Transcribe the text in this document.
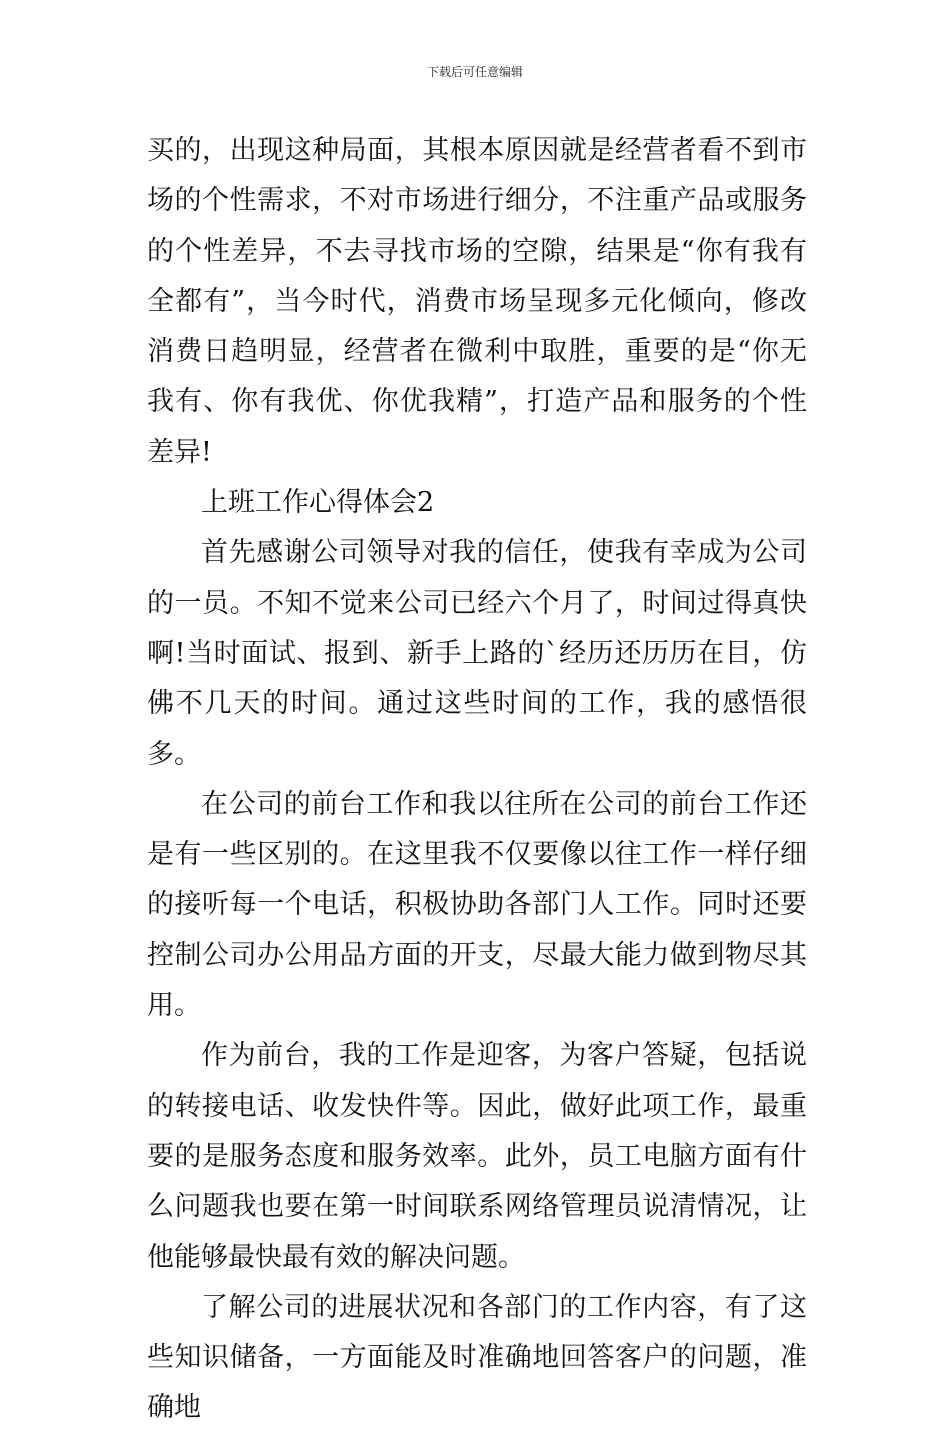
下载后可任意编辑

买的，出现这种局面，其根本原因就是经营者看不到市场的个性需求，不对市场进行细分，不注重产品或服务的个性差异，不去寻找市场的空隙，结果是“你有我有全都有”，当今时代，消费市场呈现多元化倾向，修改消费日趋明显，经营者在微利中取胜，重要的是“你无我有、你有我优、你优我精”，打造产品和服务的个性差异!

上班工作心得体会2

首先感谢公司领导对我的信任，使我有幸成为公司的一员。不知不觉来公司已经六个月了，时间过得真快啊!当时面试、报到、新手上路的`经历还历历在目，仿佛不几天的时间。通过这些时间的工作，我的感悟很多。

在公司的前台工作和我以往所在公司的前台工作还是有一些区别的。在这里我不仅要像以往工作一样仔细的接听每一个电话，积极协助各部门人工作。同时还要控制公司办公用品方面的开支，尽最大能力做到物尽其用。

作为前台，我的工作是迎客，为客户答疑，包括说的转接电话、收发快件等。因此，做好此项工作，最重要的是服务态度和服务效率。此外，员工电脑方面有什么问题我也要在第一时间联系网络管理员说清情况，让他能够最快最有效的解决问题。

了解公司的进展状况和各部门的工作内容，有了这些知识储备，一方面能及时准确地回答客户的问题，准确地
